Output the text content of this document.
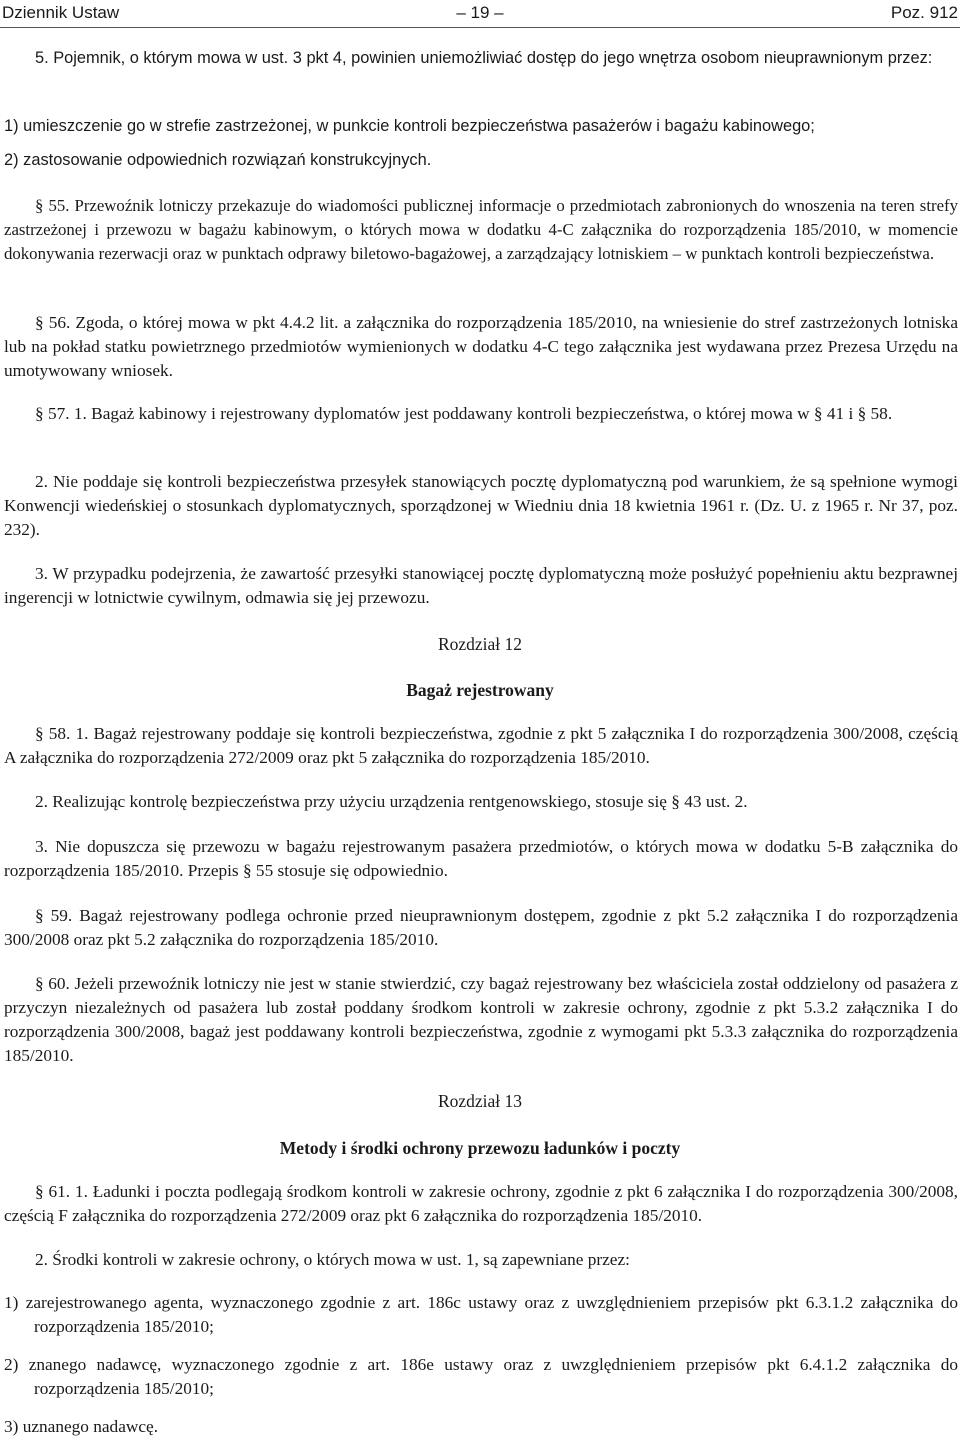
Dziennik Ustaw	– 19 –	Poz. 912

5. Pojemnik, o którym mowa w ust. 3 pkt 4, powinien uniemożliwiać dostęp do jego wnętrza osobom nieuprawnionym przez:

1) umieszczenie go w strefie zastrzeżonej, w punkcie kontroli bezpieczeństwa pasażerów i bagażu kabinowego;

2) zastosowanie odpowiednich rozwiązań konstrukcyjnych.

§ 55. Przewoźnik lotniczy przekazuje do wiadomości publicznej informacje o przedmiotach zabronionych do wnoszenia na teren strefy zastrzeżonej i przewozu w bagażu kabinowym, o których mowa w dodatku 4-C załącznika do rozporządzenia 185/2010, w momencie dokonywania rezerwacji oraz w punktach odprawy biletowo-bagażowej, a zarządzający lotniskiem – w punktach kontroli bezpieczeństwa.

§ 56. Zgoda, o której mowa w pkt 4.4.2 lit. a załącznika do rozporządzenia 185/2010, na wniesienie do stref zastrzeżonych lotniska lub na pokład statku powietrznego przedmiotów wymienionych w dodatku 4-C tego załącznika jest wydawana przez Prezesa Urzędu na umotywowany wniosek.

§ 57. 1. Bagaż kabinowy i rejestrowany dyplomatów jest poddawany kontroli bezpieczeństwa, o której mowa w § 41 i § 58.

2. Nie poddaje się kontroli bezpieczeństwa przesyłek stanowiących pocztę dyplomatyczną pod warunkiem, że są spełnione wymogi Konwencji wiedeńskiej o stosunkach dyplomatycznych, sporządzonej w Wiedniu dnia 18 kwietnia 1961 r. (Dz. U. z 1965 r. Nr 37, poz. 232).

3. W przypadku podejrzenia, że zawartość przesyłki stanowiącej pocztę dyplomatyczną może posłużyć popełnieniu aktu bezprawnej ingerencji w lotnictwie cywilnym, odmawia się jej przewozu.

Rozdział 12

Bagaż rejestrowany

§ 58. 1. Bagaż rejestrowany poddaje się kontroli bezpieczeństwa, zgodnie z pkt 5 załącznika I do rozporządzenia 300/2008, częścią A załącznika do rozporządzenia 272/2009 oraz pkt 5 załącznika do rozporządzenia 185/2010.

2. Realizując kontrolę bezpieczeństwa przy użyciu urządzenia rentgenowskiego, stosuje się § 43 ust. 2.

3. Nie dopuszcza się przewozu w bagażu rejestrowanym pasażera przedmiotów, o których mowa w dodatku 5-B załącznika do rozporządzenia 185/2010. Przepis § 55 stosuje się odpowiednio.

§ 59. Bagaż rejestrowany podlega ochronie przed nieuprawnionym dostępem, zgodnie z pkt 5.2 załącznika I do rozporządzenia 300/2008 oraz pkt 5.2 załącznika do rozporządzenia 185/2010.

§ 60. Jeżeli przewoźnik lotniczy nie jest w stanie stwierdzić, czy bagaż rejestrowany bez właściciela został oddzielony od pasażera z przyczyn niezależnych od pasażera lub został poddany środkom kontroli w zakresie ochrony, zgodnie z pkt 5.3.2 załącznika I do rozporządzenia 300/2008, bagaż jest poddawany kontroli bezpieczeństwa, zgodnie z wymogami pkt 5.3.3 załącznika do rozporządzenia 185/2010.

Rozdział 13

Metody i środki ochrony przewozu ładunków i poczty

§ 61. 1. Ładunki i poczta podlegają środkom kontroli w zakresie ochrony, zgodnie z pkt 6 załącznika I do rozporządzenia 300/2008, częścią F załącznika do rozporządzenia 272/2009 oraz pkt 6 załącznika do rozporządzenia 185/2010.

2. Środki kontroli w zakresie ochrony, o których mowa w ust. 1, są zapewniane przez:

1) zarejestrowanego agenta, wyznaczonego zgodnie z art. 186c ustawy oraz z uwzględnieniem przepisów pkt 6.3.1.2 załącznika do rozporządzenia 185/2010;

2) znanego nadawcę, wyznaczonego zgodnie z art. 186e ustawy oraz z uwzględnieniem przepisów pkt 6.4.1.2 załącznika do rozporządzenia 185/2010;

3) uznanego nadawcę.
